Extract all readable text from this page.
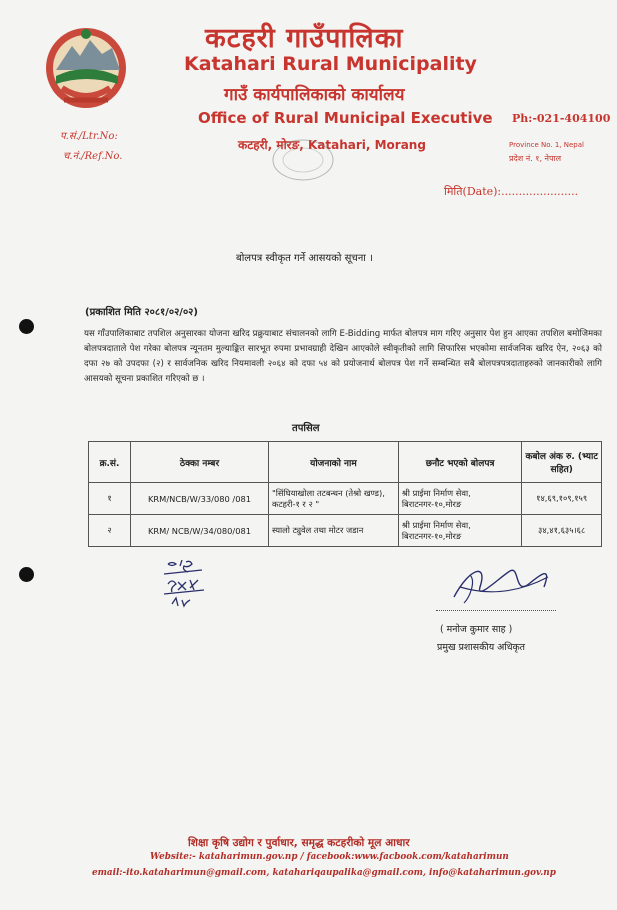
कटहरी गाउँपालिका
Katahari Rural Municipality
गाउँ कार्यपालिकाको कार्यालय
Office of Rural Municipal Executive
कटहरी, मोरङ, Katahari, Morang
Ph:-021-404100
Province No. 1, Nepal
प्रदेश नं. १, नेपाल
प.सं./Ltr.No:
च.नं./Ref.No.
मिति(Date):......................
बोलपत्र स्वीकृत गर्ने आसयको सूचना ।
(प्रकाशित मिति २०८१/०२/०२)
यस गाँउपालिकाबाट तपशिल अनुसारका योजना खरिद प्रक्रुयाबाट संचालनको लागि E-Bidding मार्फत बोलपत्र माग गरिए अनुसार पेश हुन आएका तपशिल बमोजिमका बोलपत्रदाताले पेश गरेका बोलपत्र न्यूनतम मुल्याङ्कित सारभूत रुपमा प्रभावग्राही देखिन आएकोले स्वीकृतीको लागि सिफारिस भएकोमा सार्वजनिक खरिद ऐन, २०६३ को दफा २७ को उपदफा (२) र सार्वजनिक खरिद नियमावली २०६४ को दफा ५४ को प्रयोजनार्थ बोलपत्र पेश गर्ने सम्बन्धित सबै बोलपत्रपत्रदाताहरुको जानकारीको लागि आसयको सूचना प्रकाशित गरिएको छ ।
तपसिल
क्र.सं.	ठेक्का नम्बर	योजनाको नाम	छनौट भएको बोलपत्र	कबोल अंक रु. (भ्याट सहित)
१	KRM/NCB/W/33/080 /081	"सिंघियाखोला तटबन्धन (तेश्रो खण्ड), कटहरी-१ र २ "	श्री प्राईमा निर्माण सेवा, बिराटनगर-१०,मोरङ	१४,६९,१०९,१५९
२	KRM/ NCB/W/34/080/081	स्यालो ट्युवेल तथा मोटर जडान	श्री प्राईमा निर्माण सेवा, बिराटनगर-१०,मोरङ	३४,४१,६३५।६८
( मनोज कुमार साह )
प्रमुख प्रशासकीय अधिकृत
शिक्षा कृषि उद्योग र पुर्वाधार, समृद्ध कटहरीको मूल आधार
Website:- kataharimun.gov.np / facebook:www.facbook.com/kataharimun
email:-ito.kataharimun@gmail.com, katahariqaupalika@gmail.com, info@kataharimun.gov.np
